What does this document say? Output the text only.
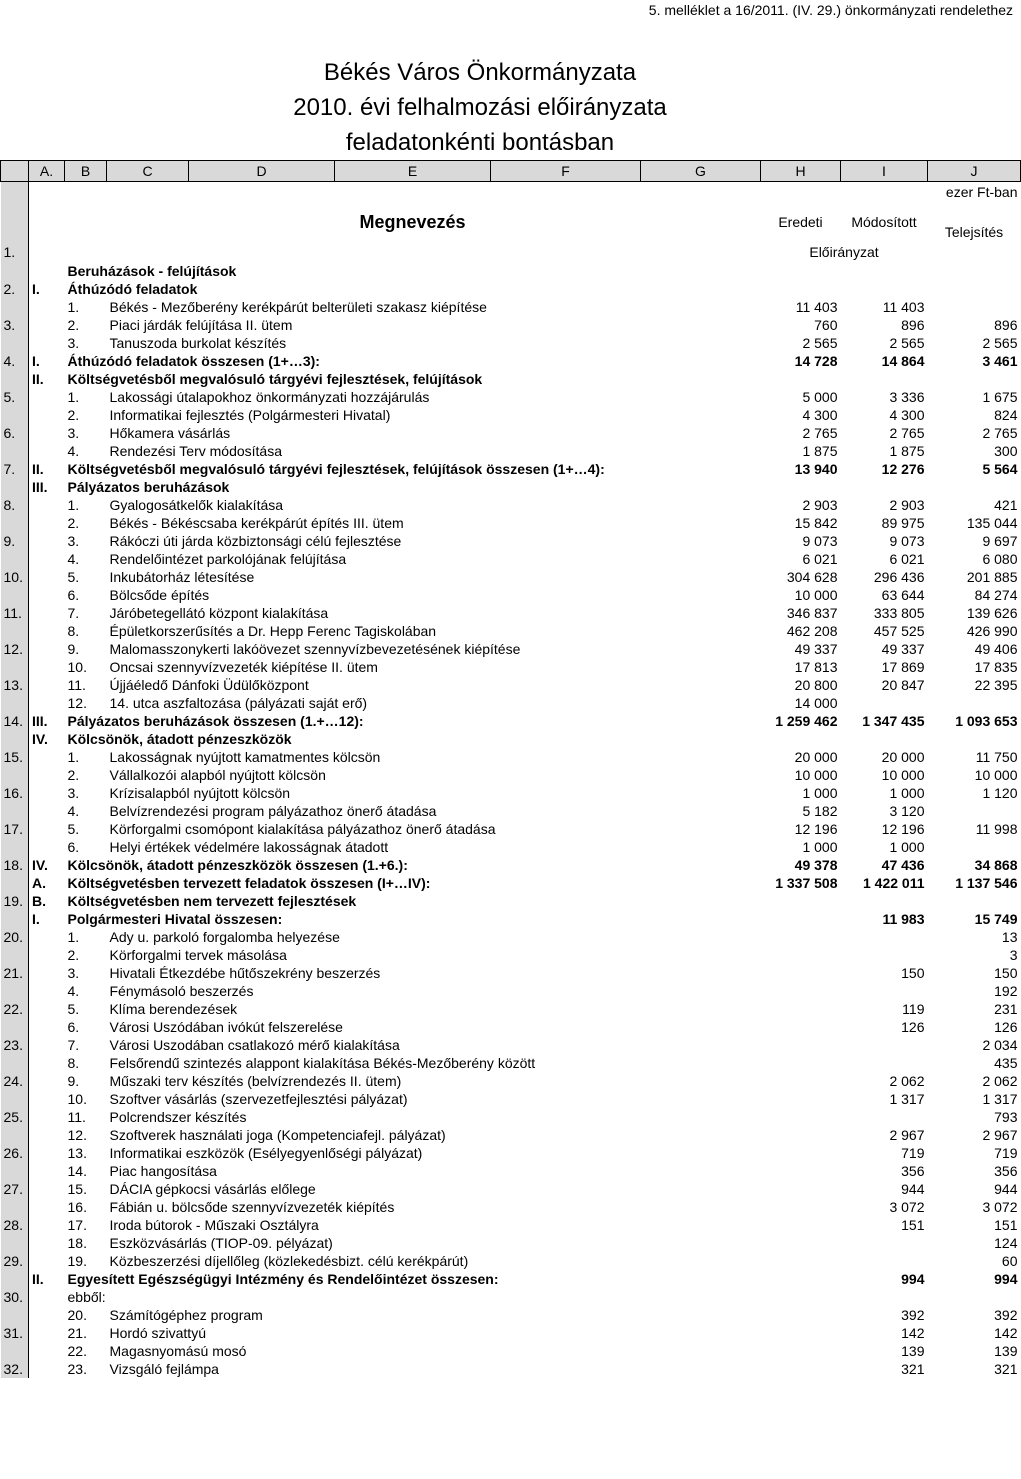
5. melléklet a 16/2011. (IV. 29.) önkormányzati rendelethez
Békés Város Önkormányzata
2010. évi felhalmozási előirányzata
feladatonkénti bontásban
	A.	B	C	D	E	F	G	H	I	J
										ezer Ft-ban
		Megnevezés						Eredeti	Módosított	Telejsítés

1.								Előirányzat		
		Beruházások - felújítások								
2.	I.	Áthúzódó feladatok								
		1.	Békés - Mezőberény kerékpárút belterületi szakasz kiépítése					11 403	11 403	
3.		2.	Piaci járdák felújítása II. ütem					760	896	896
		3.	Tanuszoda burkolat készítés					2 565	2 565	2 565
4.	I.	Áthúzódó feladatok összesen (1+…3):						14 728	14 864	3 461
	II.	Költségvetésből megvalósuló tárgyévi fejlesztések, felújítások								
5.		1.	Lakossági útalapokhoz önkormányzati hozzájárulás					5 000	3 336	1 675
		2.	Informatikai fejlesztés (Polgármesteri Hivatal)					4 300	4 300	824
6.		3.	Hőkamera vásárlás					2 765	2 765	2 765
		4.	Rendezési Terv módosítása					1 875	1 875	300
7.	II.	Költségvetésből megvalósuló tárgyévi fejlesztések, felújítások összesen (1+…4):						13 940	12 276	5 564
	III.	Pályázatos beruházások								
8.		1.	Gyalogosátkelők kialakítása					2 903	2 903	421
		2.	Békés - Békéscsaba kerékpárút építés III. ütem					15 842	89 975	135 044
9.		3.	Rákóczi úti járda közbiztonsági célú fejlesztése					9 073	9 073	9 697
		4.	Rendelőintézet parkolójának felújítása					6 021	6 021	6 080
10.		5.	Inkubátorház létesítése					304 628	296 436	201 885
		6.	Bölcsőde építés					10 000	63 644	84 274
11.		7.	Járóbetegellátó központ kialakítása					346 837	333 805	139 626
		8.	Épületkorszerűsítés a Dr. Hepp Ferenc Tagiskolában					462 208	457 525	426 990
12.		9.	Malomasszonykerti lakóövezet szennyvízbevezetésének kiépítése					49 337	49 337	49 406
		10.	Oncsai szennyvízvezeték kiépítése II. ütem					17 813	17 869	17 835
13.		11.	Újjáéledő Dánfoki Üdülőközpont					20 800	20 847	22 395
		12.	14. utca aszfaltozása (pályázati saját erő)					14 000		
14.	III.	Pályázatos beruházások összesen (1.+…12):						1 259 462	1 347 435	1 093 653
	IV.	Kölcsönök, átadott pénzeszközök								
15.		1.	Lakosságnak nyújtott kamatmentes kölcsön					20 000	20 000	11 750
		2.	Vállalkozói alapból nyújtott kölcsön					10 000	10 000	10 000
16.		3.	Krízisalapból nyújtott kölcsön					1 000	1 000	1 120
		4.	Belvízrendezési program pályázathoz önerő átadása					5 182	3 120	
17.		5.	Körforgalmi csomópont kialakítása pályázathoz önerő átadása					12 196	12 196	11 998
		6.	Helyi értékek védelmére lakosságnak átadott					1 000	1 000	
18.	IV.	Kölcsönök, átadott pénzeszközök összesen (1.+6.):						49 378	47 436	34 868
	A.	Költségvetésben tervezett feladatok összesen (I+…IV):						1 337 508	1 422 011	1 137 546
19.	B.	Költségvetésben nem tervezett fejlesztések								
	I.	Polgármesteri Hivatal összesen:							11 983	15 749
20.		1.	Ady u. parkoló forgalomba helyezése							13
		2.	Körforgalmi tervek másolása							3
21.		3.	Hivatali Étkezdébe hűtőszekrény beszerzés						150	150
		4.	Fénymásoló beszerzés							192
22.		5.	Klíma berendezések						119	231
		6.	Városi Uszódában ivókút felszerelése						126	126
23.		7.	Városi Uszodában csatlakozó mérő kialakítása							2 034
		8.	Felsőrendű szintezés alappont kialakítása Békés-Mezőberény között							435
24.		9.	Műszaki terv készítés (belvízrendezés II. ütem)						2 062	2 062
		10.	Szoftver vásárlás (szervezetfejlesztési pályázat)						1 317	1 317
25.		11.	Polcrendszer készítés							793
		12.	Szoftverek használati joga (Kompetenciafejl. pályázat)						2 967	2 967
26.		13.	Informatikai eszközök (Esélyegyenlőségi pályázat)						719	719
		14.	Piac hangosítása						356	356
27.		15.	DÁCIA gépkocsi vásárlás előlege						944	944
		16.	Fábián u. bölcsőde szennyvízvezeték kiépítés						3 072	3 072
28.		17.	Iroda bútorok - Műszaki Osztályra						151	151
		18.	Eszközvásárlás (TIOP-09. pélyázat)							124
29.		19.	Közbeszerzési díjellőleg (közlekedésbizt. célú kerékpárút)							60
	II.	Egyesített Egészségügyi Intézmény és Rendelőintézet összesen:							994	994
30.		ebből:								
		20.	Számítógéphez program						392	392
31.		21.	Hordó szivattyú						142	142
		22.	Magasnyomású mosó						139	139
32.		23.	Vizsgáló fejlámpa						321	321
